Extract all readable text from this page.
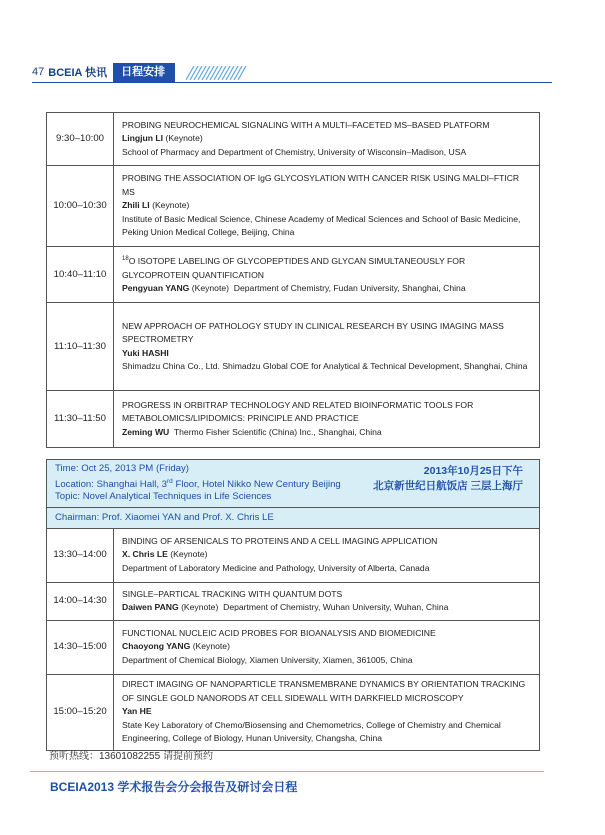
47 BCEIA 快讯	日程安排
9:30–10:00	PROBING NEUROCHEMICAL SIGNALING WITH A MULTI–FACETED MS–BASED PLATFORM
Lingjun LI (Keynote)
School of Pharmacy and Department of Chemistry, University of Wisconsin–Madison, USA

10:00–10:30	PROBING THE ASSOCIATION OF IgG GLYCOSYLATION WITH CANCER RISK USING MALDI–FTICR MS
Zhili LI (Keynote)
Institute of Basic Medical Science, Chinese Academy of Medical Sciences and School of Basic Medicine, Peking Union Medical College, Beijing, China

10:40–11:10	$^{18}$O ISOTOPE LABELING OF GLYCOPEPTIDES AND GLYCAN SIMULTANEOUSLY FOR GLYCOPROTEIN QUANTIFICATION
Pengyuan YANG (Keynote) Department of Chemistry, Fudan University, Shanghai, China

11:10–11:30	NEW APPROACH OF PATHOLOGY STUDY IN CLINICAL RESEARCH BY USING IMAGING MASS SPECTROMETRY
Yuki HASHI
Shimadzu China Co., Ltd. Shimadzu Global COE for Analytical & Technical Development, Shanghai, China

11:30–11:50	PROGRESS IN ORBITRAP TECHNOLOGY AND RELATED BIOINFORMATIC TOOLS FOR METABOLOMICS/LIPIDOMICS: PRINCIPLE AND PRACTICE
Zeming WU Thermo Fisher Scientific (China) Inc., Shanghai, China
Time: Oct 25, 2013 PM (Friday)
Location: Shanghai Hall, 3rd Floor, Hotel Nikko New Century Beijing
Topic: Novel Analytical Techniques in Life Sciences
2013年10月25日下午
北京新世纪日航饭店 三层上海厅	

Chairman: Prof. Xiaomei YAN and Prof. X. Chris LE	
13:30–14:00	BINDING OF ARSENICALS TO PROTEINS AND A CELL IMAGING APPLICATION
X. Chris LE (Keynote)
Department of Laboratory Medicine and Pathology, University of Alberta, Canada

14:00–14:30	SINGLE–PARTICAL TRACKING WITH QUANTUM DOTS
Daiwen PANG (Keynote) Department of Chemistry, Wuhan University, Wuhan, China

14:30–15:00	FUNCTIONAL NUCLEIC ACID PROBES FOR BIOANALYSIS AND BIOMEDICINE
Chaoyong YANG (Keynote)
Department of Chemical Biology, Xiamen University, Xiamen, 361005, China

15:00–15:20	DIRECT IMAGING OF NANOPARTICLE TRANSMEMBRANE DYNAMICS BY ORIENTATION TRACKING OF SINGLE GOLD NANORODS AT CELL SIDEWALL WITH DARKFIELD MICROSCOPY
Yan HE
State Key Laboratory of Chemo/Biosensing and Chemometrics, College of Chemistry and Chemical Engineering, College of Biology, Hunan University, Changsha, China
预听热线：13601082255 请提前预约
BCEIA2013 学术报告会分会报告及研讨会日程
